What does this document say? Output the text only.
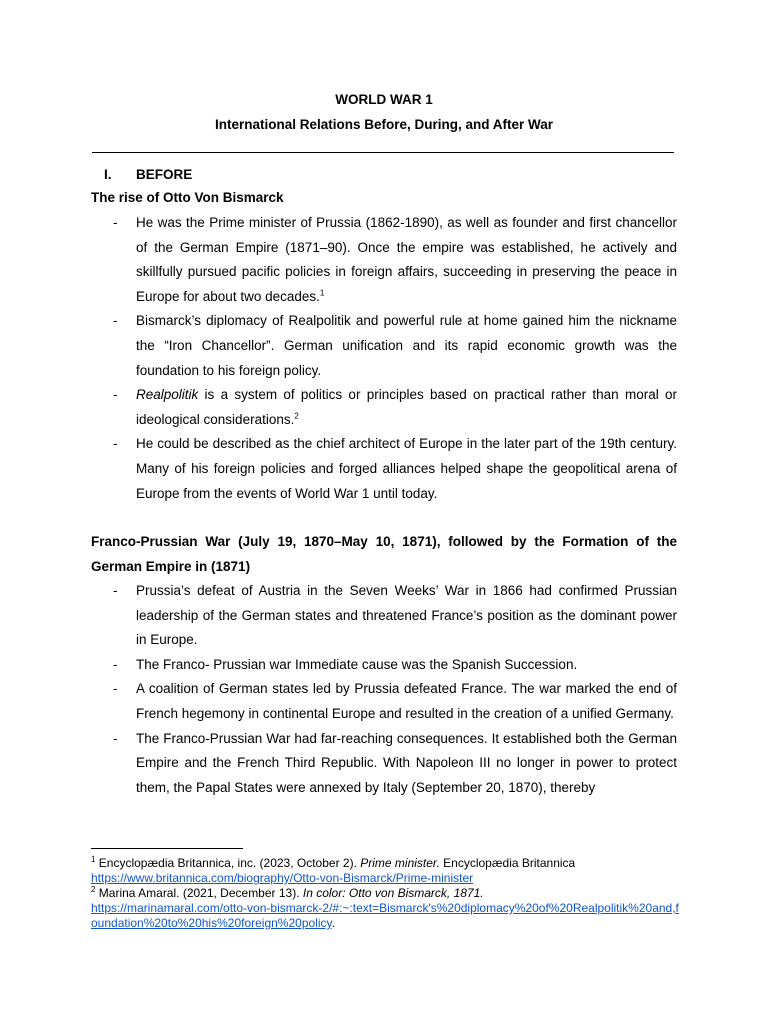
WORLD WAR 1
International Relations Before, During, and After War
I. BEFORE
The rise of Otto Von Bismarck
- He was the Prime minister of Prussia (1862-1890), as well as founder and first chancellor of the German Empire (1871–90). Once the empire was established, he actively and skillfully pursued pacific policies in foreign affairs, succeeding in preserving the peace in Europe for about two decades.$^1$
- Bismarck’s diplomacy of Realpolitik and powerful rule at home gained him the nickname the “Iron Chancellor”. German unification and its rapid economic growth was the foundation to his foreign policy.
- Realpolitik is a system of politics or principles based on practical rather than moral or ideological considerations.$^2$
- He could be described as the chief architect of Europe in the later part of the 19th century. Many of his foreign policies and forged alliances helped shape the geopolitical arena of Europe from the events of World War 1 until today.
Franco-Prussian War (July 19, 1870–May 10, 1871), followed by the Formation of the German Empire in (1871)
- Prussia’s defeat of Austria in the Seven Weeks’ War in 1866 had confirmed Prussian leadership of the German states and threatened France’s position as the dominant power in Europe.
- The Franco- Prussian war Immediate cause was the Spanish Succession.
- A coalition of German states led by Prussia defeated France. The war marked the end of French hegemony in continental Europe and resulted in the creation of a unified Germany.
- The Franco-Prussian War had far-reaching consequences. It established both the German Empire and the French Third Republic. With Napoleon III no longer in power to protect them, the Papal States were annexed by Italy (September 20, 1870), thereby
$^1$ Encyclopædia Britannica, inc. (2023, October 2). Prime minister. Encyclopædia Britannica
https://www.britannica.com/biography/Otto-von-Bismarck/Prime-minister
$^2$ Marina Amaral. (2021, December 13). In color: Otto von Bismarck, 1871.
https://marinamaral.com/otto-von-bismarck-2/#:~:text=Bismarck's%20diplomacy%20of%20Realpolitik%20and,foundation%20to%20his%20foreign%20policy.
